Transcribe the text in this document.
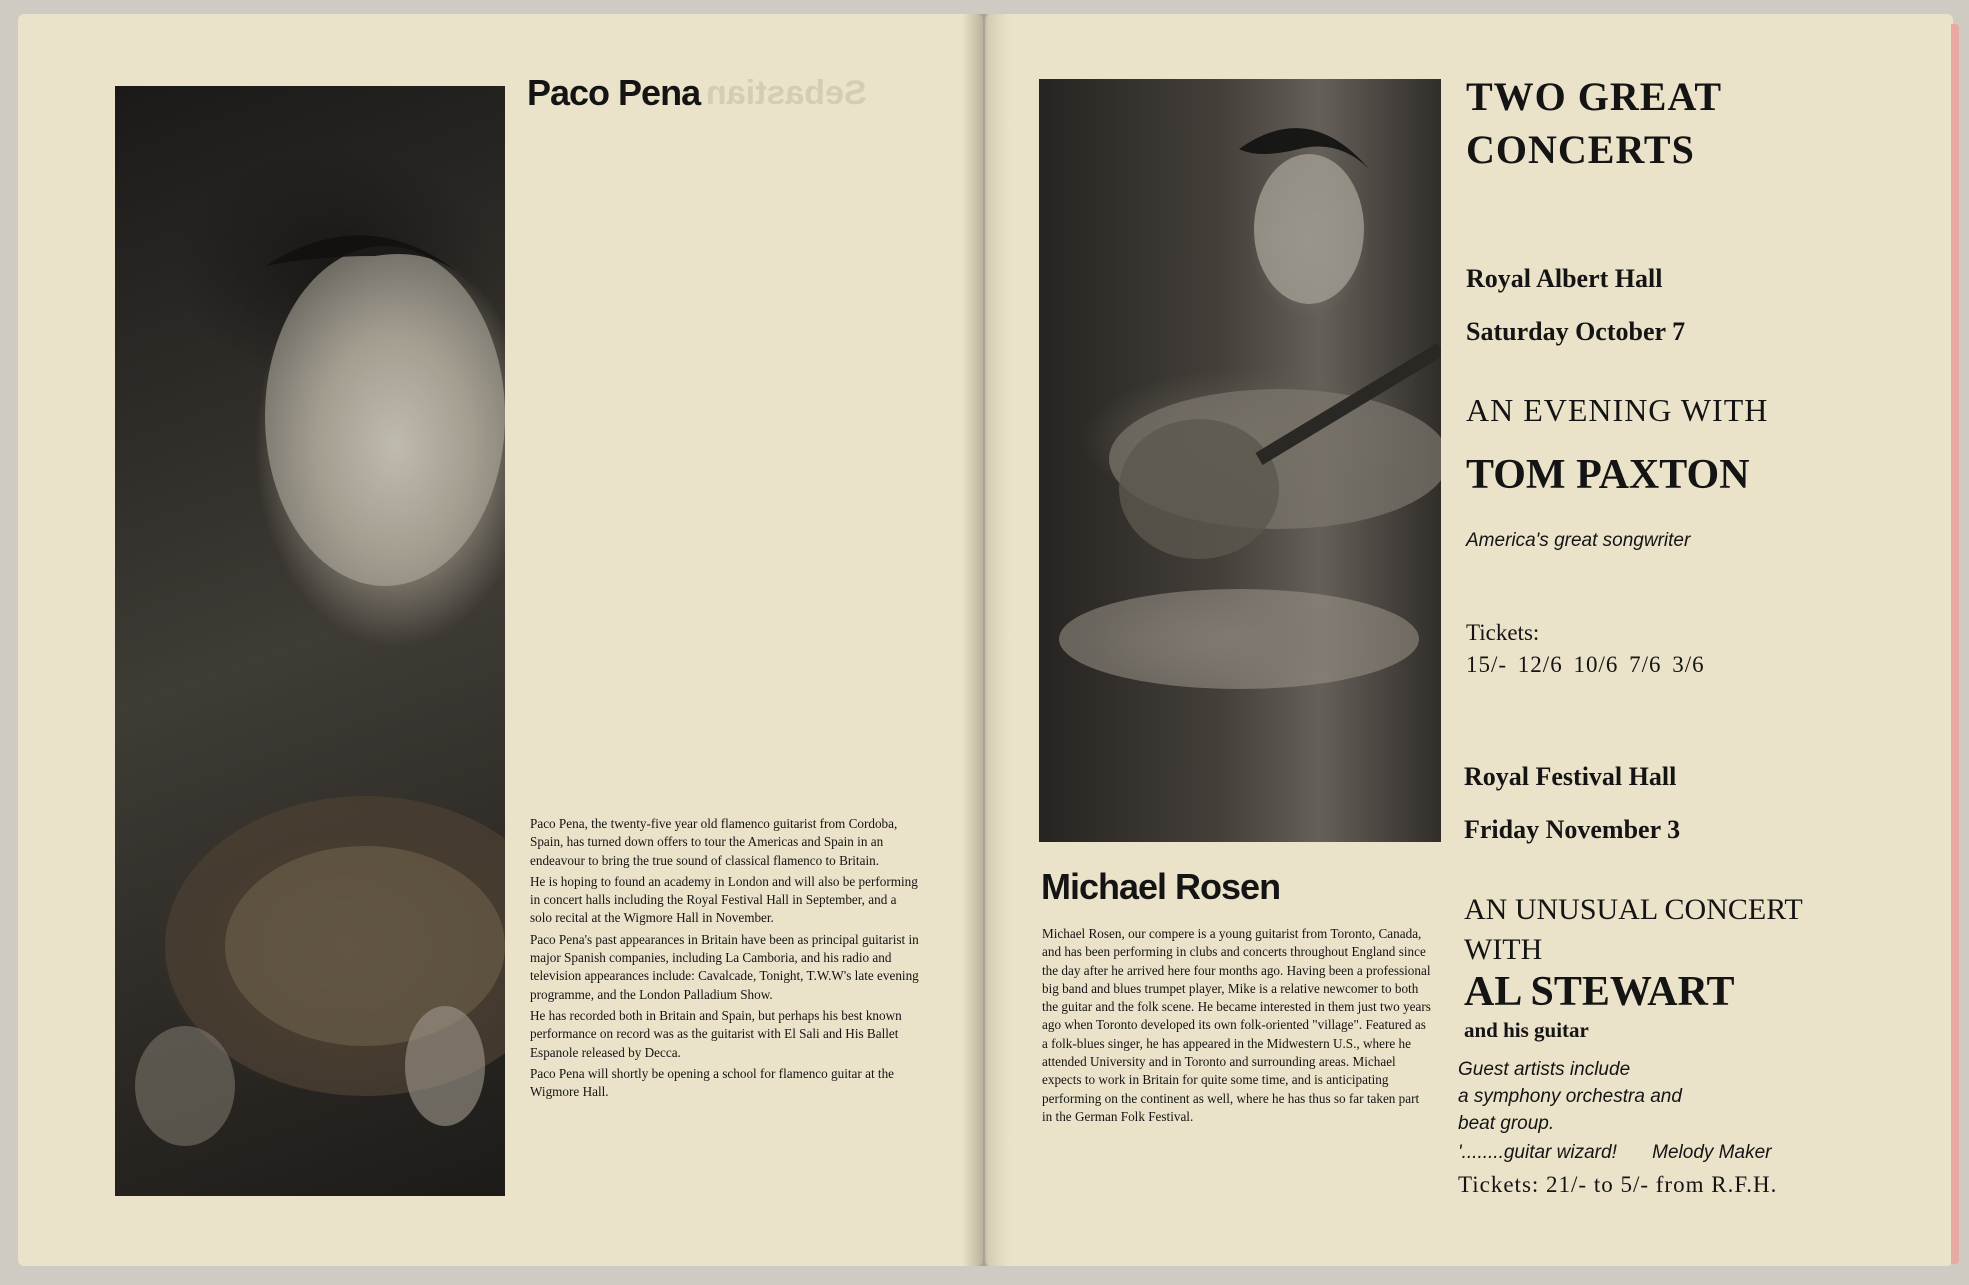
Sebastian
Paco Pena

Paco Pena, the twenty-five year old flamenco guitarist from Cordoba, Spain, has turned down offers to tour the Americas and Spain in an endeavour to bring the true sound of classical flamenco to Britain.

He is hoping to found an academy in London and will also be performing in concert halls including the Royal Festival Hall in September, and a solo recital at the Wigmore Hall in November.

Paco Pena's past appearances in Britain have been as principal guitarist in major Spanish companies, including La Camboria, and his radio and television appearances include: Cavalcade, Tonight, T.W.W's late evening programme, and the London Palladium Show.

He has recorded both in Britain and Spain, but perhaps his best known performance on record was as the guitarist with El Sali and His Ballet Espanole released by Decca.

Paco Pena will shortly be opening a school for flamenco guitar at the Wigmore Hall.

Michael Rosen
Michael Rosen, our compere is a young guitarist from Toronto, Canada, and has been performing in clubs and concerts throughout England since the day after he arrived here four months ago. Having been a professional big band and blues trumpet player, Mike is a relative newcomer to both the guitar and the folk scene. He became interested in them just two years ago when Toronto developed its own folk-oriented "village". Featured as a folk-blues singer, he has appeared in the Midwestern U.S., where he attended University and in Toronto and surrounding areas. Michael expects to work in Britain for quite some time, and is anticipating performing on the continent as well, where he has thus so far taken part in the German Folk Festival.
TWO GREAT
CONCERTS
Royal Albert Hall
Saturday October 7
AN EVENING WITH
TOM PAXTON
America's great songwriter
Tickets:
15/- 12/6 10/6 7/6 3/6
Royal Festival Hall
Friday November 3
AN UNUSUAL CONCERT WITH
AL STEWART
and his guitar
Guest artists include
a symphony orchestra and
beat group.
'........guitar wizard! Melody Maker
Tickets: 21/- to 5/- from R.F.H.
